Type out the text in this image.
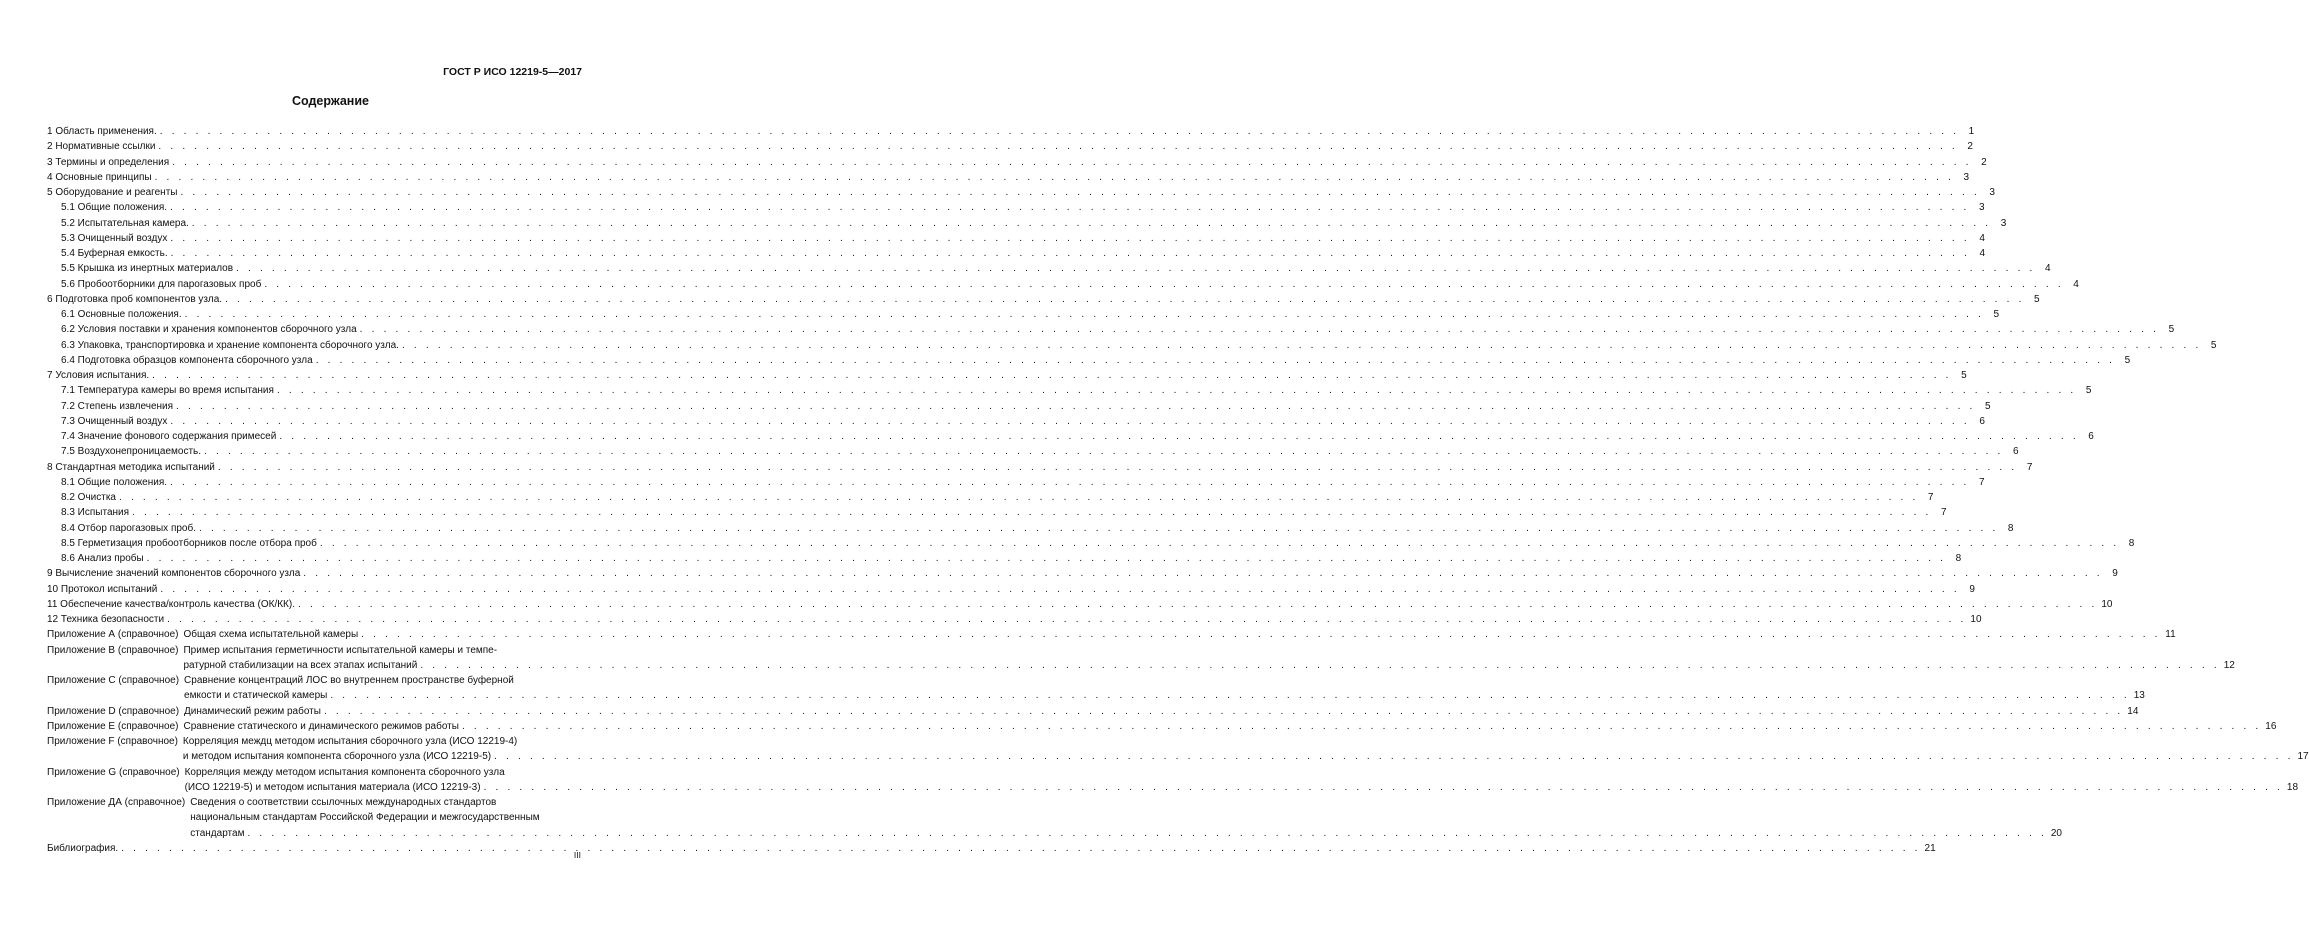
ГОСТ Р ИСО 12219-5—2017
Содержание
1 Область применения. . . .	1
2 Нормативные ссылки . . .	2
3 Термины и определения . . .	2
4 Основные принципы . . .	3
5 Оборудование и реагенты . . .	3
5.1 Общие положения. . . .	3
5.2 Испытательная камера. . . .	3
5.3 Очищенный воздух . . .	4
5.4 Буферная емкость. . . .	4
5.5 Крышка из инертных материалов . . .	4
5.6 Пробоотборники для парогазовых проб . . .	4
6 Подготовка проб компонентов узла. . . .	5
6.1 Основные положения. . . .	5
6.2 Условия поставки и хранения компонентов сборочного узла . . .	5
6.3 Упаковка, транспортировка и хранение компонента сборочного узла. . . .	5
6.4 Подготовка образцов компонента сборочного узла . . .	5
7 Условия испытания. . . .	5
7.1 Температура камеры во время испытания . . .	5
7.2 Степень извлечения . . .	5
7.3 Очищенный воздух . . .	6
7.4 Значение фонового содержания примесей . . .	6
7.5 Воздухонепроницаемость. . . .	6
8 Стандартная методика испытаний . . .	7
8.1 Общие положения. . . .	7
8.2 Очистка . . .	7
8.3 Испытания . . .	7
8.4 Отбор парогазовых проб. . . .	8
8.5 Герметизация пробоотборников после отбора проб . . .	8
8.6 Анализ пробы . . .	8
9 Вычисление значений компонентов сборочного узла . . .	9
10 Протокол испытаний . . .	9
11 Обеспечение качества/контроль качества (ОК/КК). . . .	10
12 Техника безопасности . . .	10
Приложение А (справочное) Общая схема испытательной камеры . . .	11
Приложение В (справочное) Пример испытания герметичности испытательной камеры и темпе-
ратурной стабилизации на всех этапах испытаний . . .	12
Приложение С (справочное) Сравнение концентраций ЛОС во внутреннем пространстве буферной
емкости и статической камеры . . .	13
Приложение D (справочное) Динамический режим работы . . .	14
Приложение Е (справочное) Сравнение статического и динамического режимов работы . . .	16
Приложение F (справочное) Корреляция междц методом испытания сборочного узла (ИСО 12219-4)
и методом испытания компонента сборочного узла (ИСО 12219-5) . . .	17
Приложение G (справочное) Корреляция между методом испытания компонента сборочного узла
(ИСО 12219-5) и методом испытания материала (ИСО 12219-3) . . .	18
Приложение ДА (справочное) Сведения о соответствии ссылочных международных стандартов
национальным стандартам Российской Федерации и межгосударственным
стандартам . . .	20
Библиография. . . .	21
III
